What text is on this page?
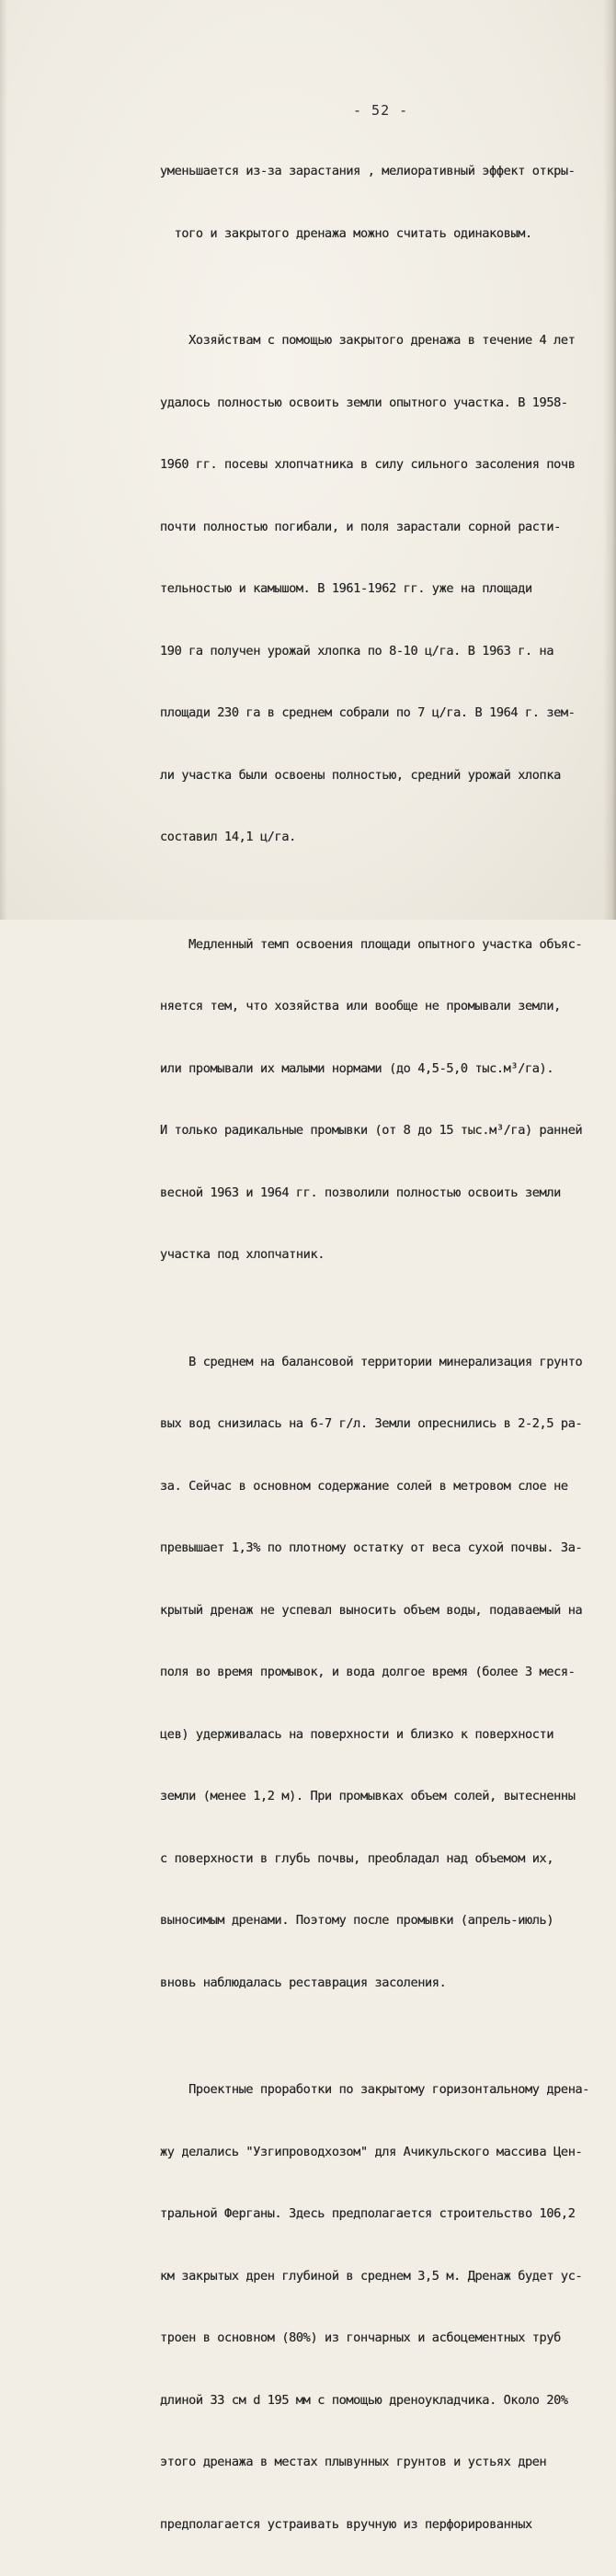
- 52 -

уменьшается из-за зарастания , мелиоративный эффект откры-

того и закрытого дренажа можно считать одинаковым.

Хозяйствам с помощью закрытого дренажа в течение 4 лет

удалось полностью освоить земли опытного участка. В 1958-

1960 гг. посевы хлопчатника в силу сильного засоления почв

почти полностью погибали, и поля зарастали сорной расти-

тельностью и камышом. В 1961-1962 гг. уже на площади

190 га получен урожай хлопка по 8-10 ц/га. В 1963 г. на

площади 230 га в среднем собрали по 7 ц/га. В 1964 г. зем-

ли участка были освоены полностью, средний урожай хлопка

составил 14,1 ц/га.

Медленный темп освоения площади опытного участка объяс-

няется тем, что хозяйства или вообще не промывали земли,

или промывали их малыми нормами (до 4,5-5,0 тыс.м³/га).

И только радикальные промывки (от 8 до 15 тыс.м³/га) ранней

весной 1963 и 1964 гг. позволили полностью освоить земли

участка под хлопчатник.

В среднем на балансовой территории минерализация грунто

вых вод снизилась на 6-7 г/л. Земли опреснились в 2-2,5 ра-

за. Сейчас в основном содержание солей в метровом слое не

превышает 1,3% по плотному остатку от веса сухой почвы. За-

крытый дренаж не успевал выносить объем воды, подаваемый на

поля во время промывок, и вода долгое время (более 3 меся-

цев) удерживалась на поверхности и близко к поверхности

земли (менее 1,2 м). При промывках объем солей, вытесненны

с поверхности в глубь почвы, преобладал над объемом их,

выносимым дренами. Поэтому после промывки (апрель-июль)

вновь наблюдалась реставрация засоления.

Проектные проработки по закрытому горизонтальному дрена-

жу делались "Узгипроводхозом" для Ачикульского массива Цен-

тральной Ферганы. Здесь предполагается строительство 106,2

км закрытых дрен глубиной в среднем 3,5 м. Дренаж будет ус-

троен в основном (80%) из гончарных и асбоцементных труб

длиной 33 см d 195 мм с помощью дреноукладчика. Около 20%

этого дренажа в местах плывунных грунтов и устьях дрен

предполагается устраивать вручную из перфорированных
